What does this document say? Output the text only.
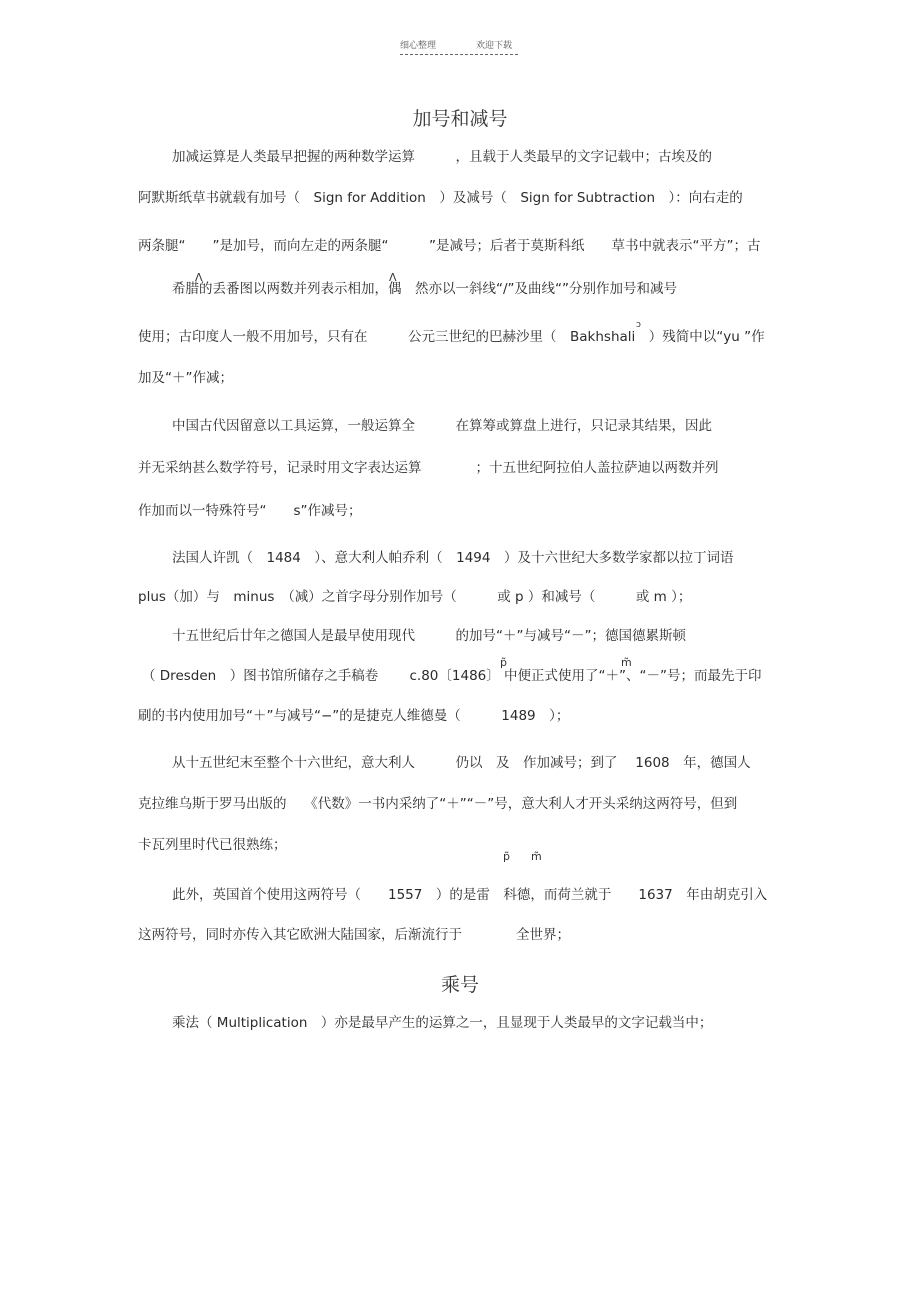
细心整理	欢迎下载
加号和减号
加减运算是人类最早把握的两种数学运算　　　，且载于人类最早的文字记载中；古埃及的
阿默斯纸草书就载有加号（　Sign for Addition　）及减号（　Sign for Subtraction　）：向右走的
两条腿“　　”是加号，而向左走的两条腿“　　　”是减号；后者于莫斯科纸　　草书中就表示“平方”；古
希腊的丢番图以两数并列表示相加，偶　然亦以一斜线“/”及曲线“”分别作加号和减号
使用；古印度人一般不用加号，只有在　　　公元三世纪的巴赫沙里（　Bakhshali　）残简中以“yu ”作
加及“＋”作减；
中国古代因留意以工具运算，一般运算全　　　在算筹或算盘上进行，只记录其结果，因此
并无采纳甚么数学符号，记录时用文字表达运算　　　　；十五世纪阿拉伯人盖拉萨迪以两数并列
作加而以一特殊符号“　　s”作减号；
法国人许凯（　1484　）、意大利人帕乔利（　1494　）及十六世纪大多数学家都以拉丁词语
plus（加）与　minus　（减）之首字母分别作加号（　　　或 p ）和减号（　　　或 m ）；
十五世纪后廿年之德国人是最早使用现代　　　的加号“＋”与减号“－”；德国德累斯顿
（ Dresden　）图书馆所储存之手稿卷　　 c.80〔1486〕 中便正式使用了“＋”、“－”号；而最先于印
刷的书内使用加号“＋”与减号“−”的是捷克人维德曼（　　　1489　）；
从十五世纪末至整个十六世纪，意大利人　　　仍以　及　作加减号；到了　 1608　年，德国人
克拉维乌斯于罗马出版的　 《代数》一书内采纳了“＋”“－”号，意大利人才开头采纳这两符号，但到
卡瓦列里时代已很熟练；
此外，英国首个使用这两符号（　　1557　）的是雷　科德，而荷兰就于　　1637　年由胡克引入
这两符号，同时亦传入其它欧洲大陆国家，后渐流行于　　　　全世界；
Λ	Λ
ɔ
p̃	m̃
p̃ m̃
乘号
乘法（ Multiplication　）亦是最早产生的运算之一，且显现于人类最早的文字记载当中；
